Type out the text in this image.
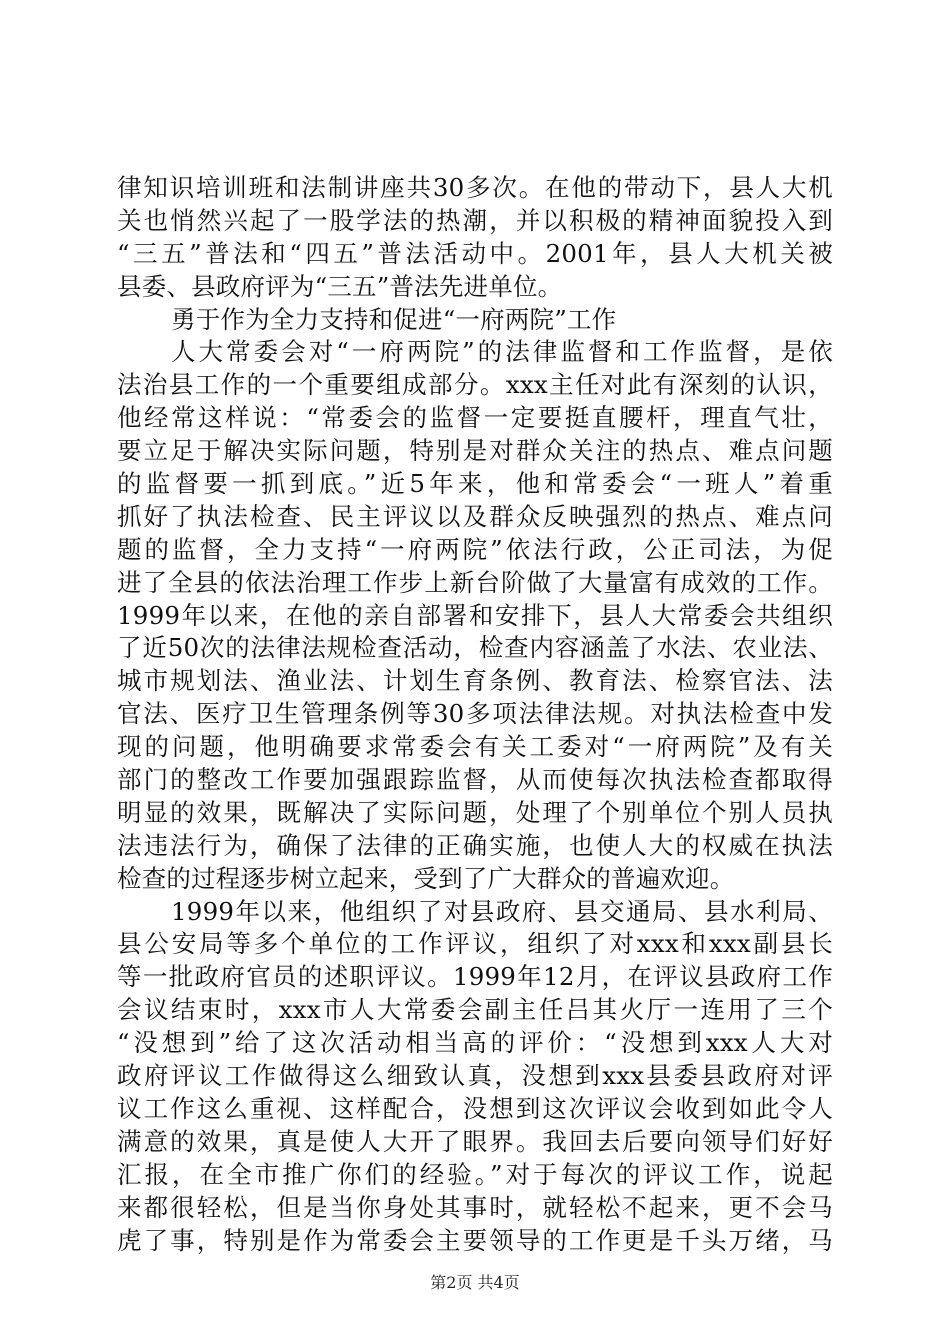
律知识培训班和法制讲座共30多次。在他的带动下，县人大机
关也悄然兴起了一股学法的热潮，并以积极的精神面貌投入到
“三五”普法和“四五”普法活动中。2001年，县人大机关被
县委、县政府评为“三五”普法先进单位。
勇于作为全力支持和促进“一府两院”工作
人大常委会对“一府两院”的法律监督和工作监督，是依
法治县工作的一个重要组成部分。xxx主任对此有深刻的认识，
他经常这样说：“常委会的监督一定要挺直腰杆，理直气壮，
要立足于解决实际问题，特别是对群众关注的热点、难点问题
的监督要一抓到底。”近5年来，他和常委会“一班人”着重
抓好了执法检查、民主评议以及群众反映强烈的热点、难点问
题的监督，全力支持“一府两院”依法行政，公正司法，为促
进了全县的依法治理工作步上新台阶做了大量富有成效的工作。
1999年以来，在他的亲自部署和安排下，县人大常委会共组织
了近50次的法律法规检查活动，检查内容涵盖了水法、农业法、
城市规划法、渔业法、计划生育条例、教育法、检察官法、法
官法、医疗卫生管理条例等30多项法律法规。对执法检查中发
现的问题，他明确要求常委会有关工委对“一府两院”及有关
部门的整改工作要加强跟踪监督，从而使每次执法检查都取得
明显的效果，既解决了实际问题，处理了个别单位个别人员执
法违法行为，确保了法律的正确实施，也使人大的权威在执法
检查的过程逐步树立起来，受到了广大群众的普遍欢迎。
1999年以来，他组织了对县政府、县交通局、县水利局、
县公安局等多个单位的工作评议，组织了对xxx和xxx副县长
等一批政府官员的述职评议。1999年12月，在评议县政府工作
会议结束时，xxx市人大常委会副主任吕其火厅一连用了三个
“没想到”给了这次活动相当高的评价：“没想到xxx人大对
政府评议工作做得这么细致认真，没想到xxx县委县政府对评
议工作这么重视、这样配合，没想到这次评议会收到如此令人
满意的效果，真是使人大开了眼界。我回去后要向领导们好好
汇报，在全市推广你们的经验。”对于每次的评议工作，说起
来都很轻松，但是当你身处其事时，就轻松不起来，更不会马
虎了事，特别是作为常委会主要领导的工作更是千头万绪，马
第2页 共4页
